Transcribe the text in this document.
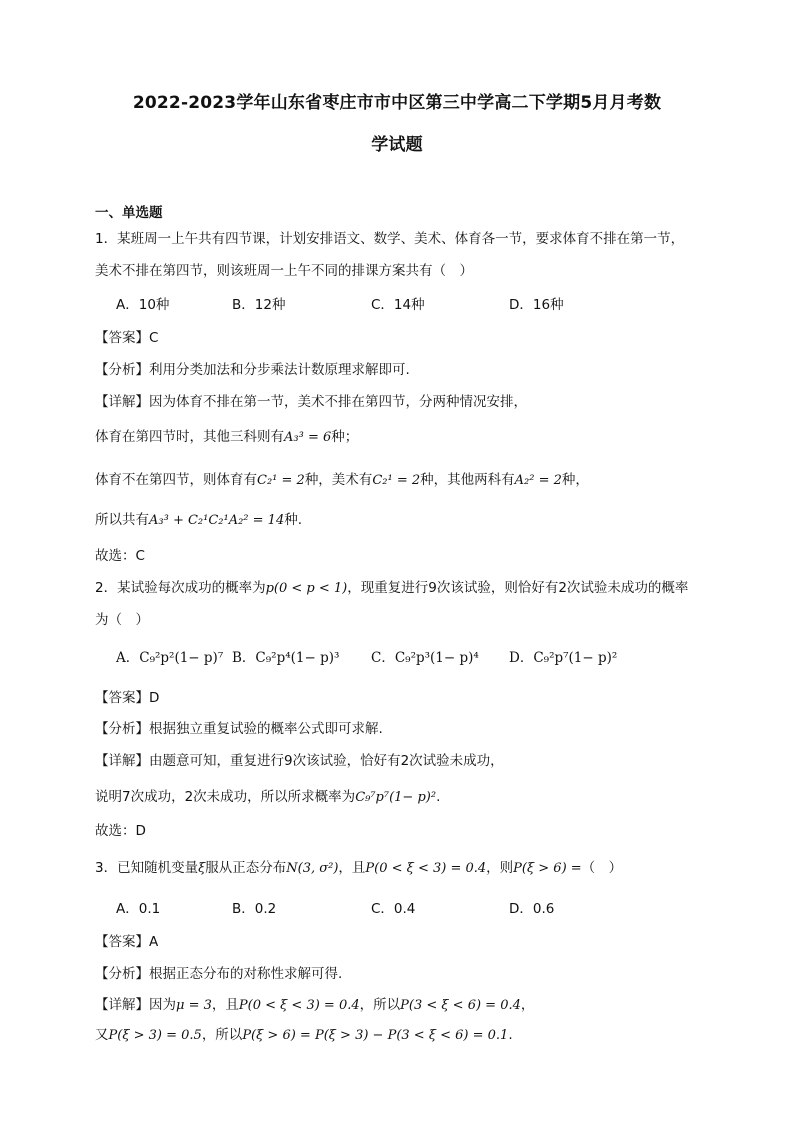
2022-2023学年山东省枣庄市市中区第三中学高二下学期5月月考数
学试题
一、单选题
1．某班周一上午共有四节课，计划安排语文、数学、美术、体育各一节，要求体育不排在第一节，
美术不排在第四节，则该班周一上午不同的排课方案共有（　）
A．10种	B．12种	C．14种	D．16种
【答案】C
【分析】利用分类加法和分步乘法计数原理求解即可.
【详解】因为体育不排在第一节，美术不排在第四节，分两种情况安排，
体育在第四节时，其他三科则有A₃³ = 6种；
体育不在第四节，则体育有C₂¹ = 2种，美术有C₂¹ = 2种，其他两科有A₂² = 2种，
所以共有A₃³ + C₂¹C₂¹A₂² = 14种.
故选：C
2．某试验每次成功的概率为p(0 < p < 1)，现重复进行9次该试验，则恰好有2次试验未成功的概率
为（　）
A．C₉²p²(1− p)⁷ B．C₉²p⁴(1− p)³ C．C₉²p³(1− p)⁴ D．C₉²p⁷(1− p)²
【答案】D
【分析】根据独立重复试验的概率公式即可求解.
【详解】由题意可知，重复进行9次该试验，恰好有2次试验未成功，
说明7次成功，2次未成功，所以所求概率为C₉⁷p⁷(1− p)².
故选：D
3．已知随机变量ξ服从正态分布N(3, σ²)，且P(0 < ξ < 3) = 0.4，则P(ξ > 6) =（　）
A．0.1	B．0.2	C．0.4	D．0.6
【答案】A
【分析】根据正态分布的对称性求解可得.
【详解】因为μ = 3，且P(0 < ξ < 3) = 0.4，所以P(3 < ξ < 6) = 0.4，
又P(ξ > 3) = 0.5，所以P(ξ > 6) = P(ξ > 3) − P(3 < ξ < 6) = 0.1.
